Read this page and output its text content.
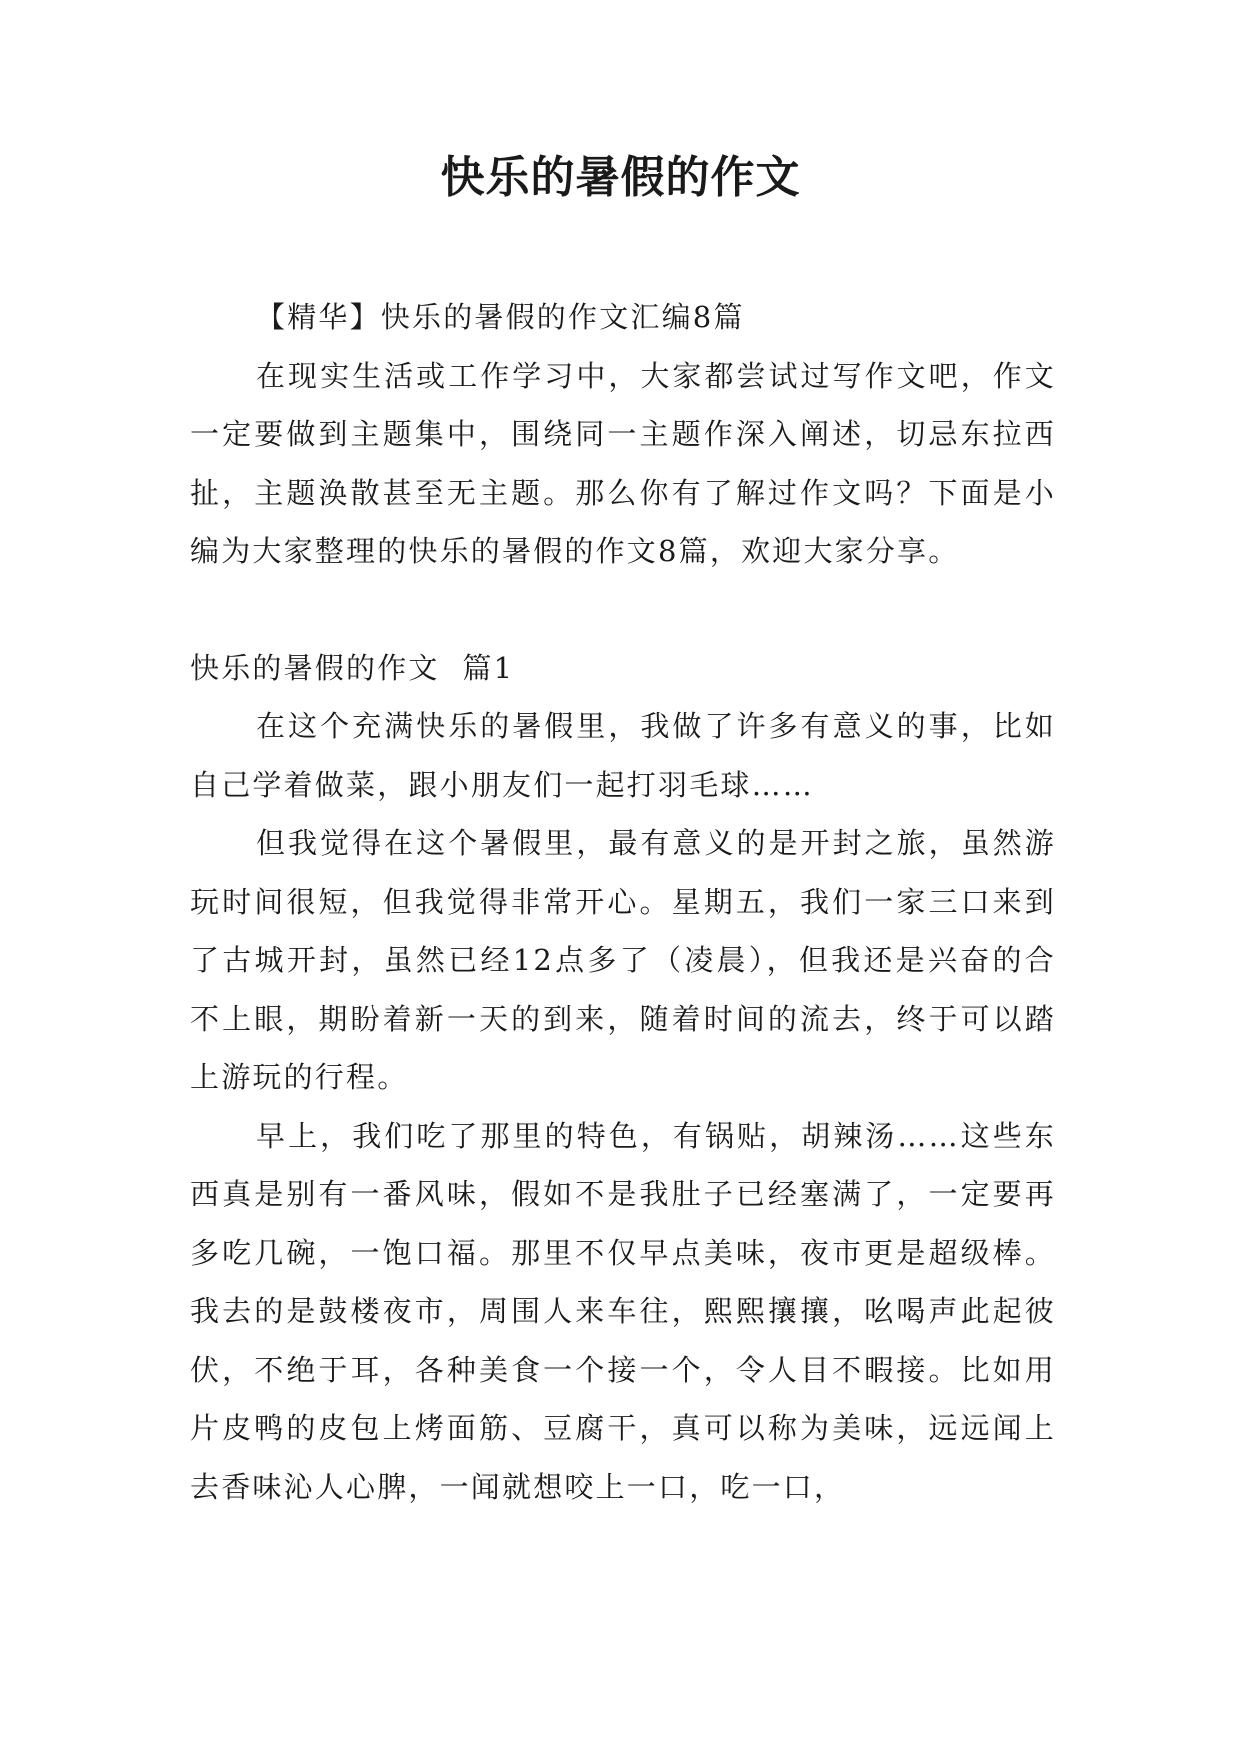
快乐的暑假的作文

【精华】快乐的暑假的作文汇编8篇

在现实生活或工作学习中，大家都尝试过写作文吧，作文一定要做到主题集中，围绕同一主题作深入阐述，切忌东拉西扯，主题涣散甚至无主题。那么你有了解过作文吗？下面是小编为大家整理的快乐的暑假的作文8篇，欢迎大家分享。

快乐的暑假的作文  篇1

在这个充满快乐的暑假里，我做了许多有意义的事，比如自己学着做菜，跟小朋友们一起打羽毛球……

但我觉得在这个暑假里，最有意义的是开封之旅，虽然游玩时间很短，但我觉得非常开心。星期五，我们一家三口来到了古城开封，虽然已经12点多了（凌晨），但我还是兴奋的合不上眼，期盼着新一天的到来，随着时间的流去，终于可以踏上游玩的行程。

早上，我们吃了那里的特色，有锅贴，胡辣汤……这些东西真是别有一番风味，假如不是我肚子已经塞满了，一定要再多吃几碗，一饱口福。那里不仅早点美味，夜市更是超级棒。我去的是鼓楼夜市，周围人来车往，熙熙攘攘，吆喝声此起彼伏，不绝于耳，各种美食一个接一个，令人目不暇接。比如用片皮鸭的皮包上烤面筋、豆腐干，真可以称为美味，远远闻上去香味沁人心脾，一闻就想咬上一口，吃一口，
